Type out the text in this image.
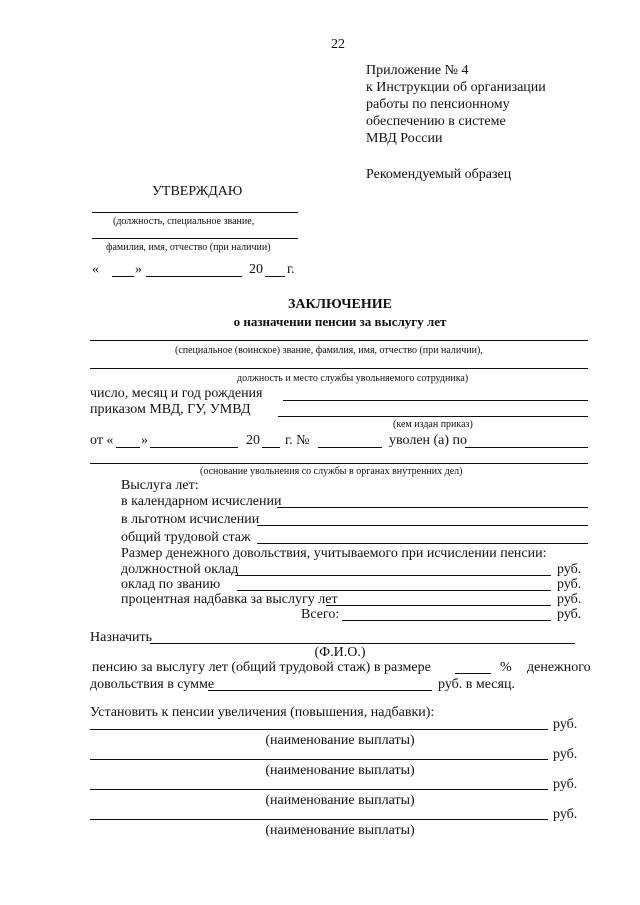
22
Приложение № 4
к Инструкции об организации
работы по пенсионному
обеспечению в системе
МВД России
Рекомендуемый образец
УТВЕРЖДАЮ
(должность, специальное звание,
фамилия, имя, отчество (при наличии)
«	»	20 г.
ЗАКЛЮЧЕНИЕ
о назначении пенсии за выслугу лет
(специальное (воинское) звание, фамилия, имя, отчество (при наличии),
должность и место службы увольняемого сотрудника)
число, месяц и год рождения
приказом МВД, ГУ, УМВД
(кем издан приказ)
от « »	20 г. №	уволен (а) по
(основание увольнения со службы в органах внутренних дел)
Выслуга лет:
в календарном исчислении
в льготном исчислении
общий трудовой стаж
Размер денежного довольствия, учитываемого при исчислении пенсии:
должностной оклад	руб.
оклад по званию	руб.
процентная надбавка за выслугу лет	руб.
Всего:	руб.
Назначить
(Ф.И.О.)
пенсию за выслугу лет (общий трудовой стаж) в размере	% денежного
довольствия в сумме	руб. в месяц.
Установить к пенсии увеличения (повышения, надбавки):
руб.
(наименование выплаты)
руб.
(наименование выплаты)
руб.
(наименование выплаты)
руб.
(наименование выплаты)
